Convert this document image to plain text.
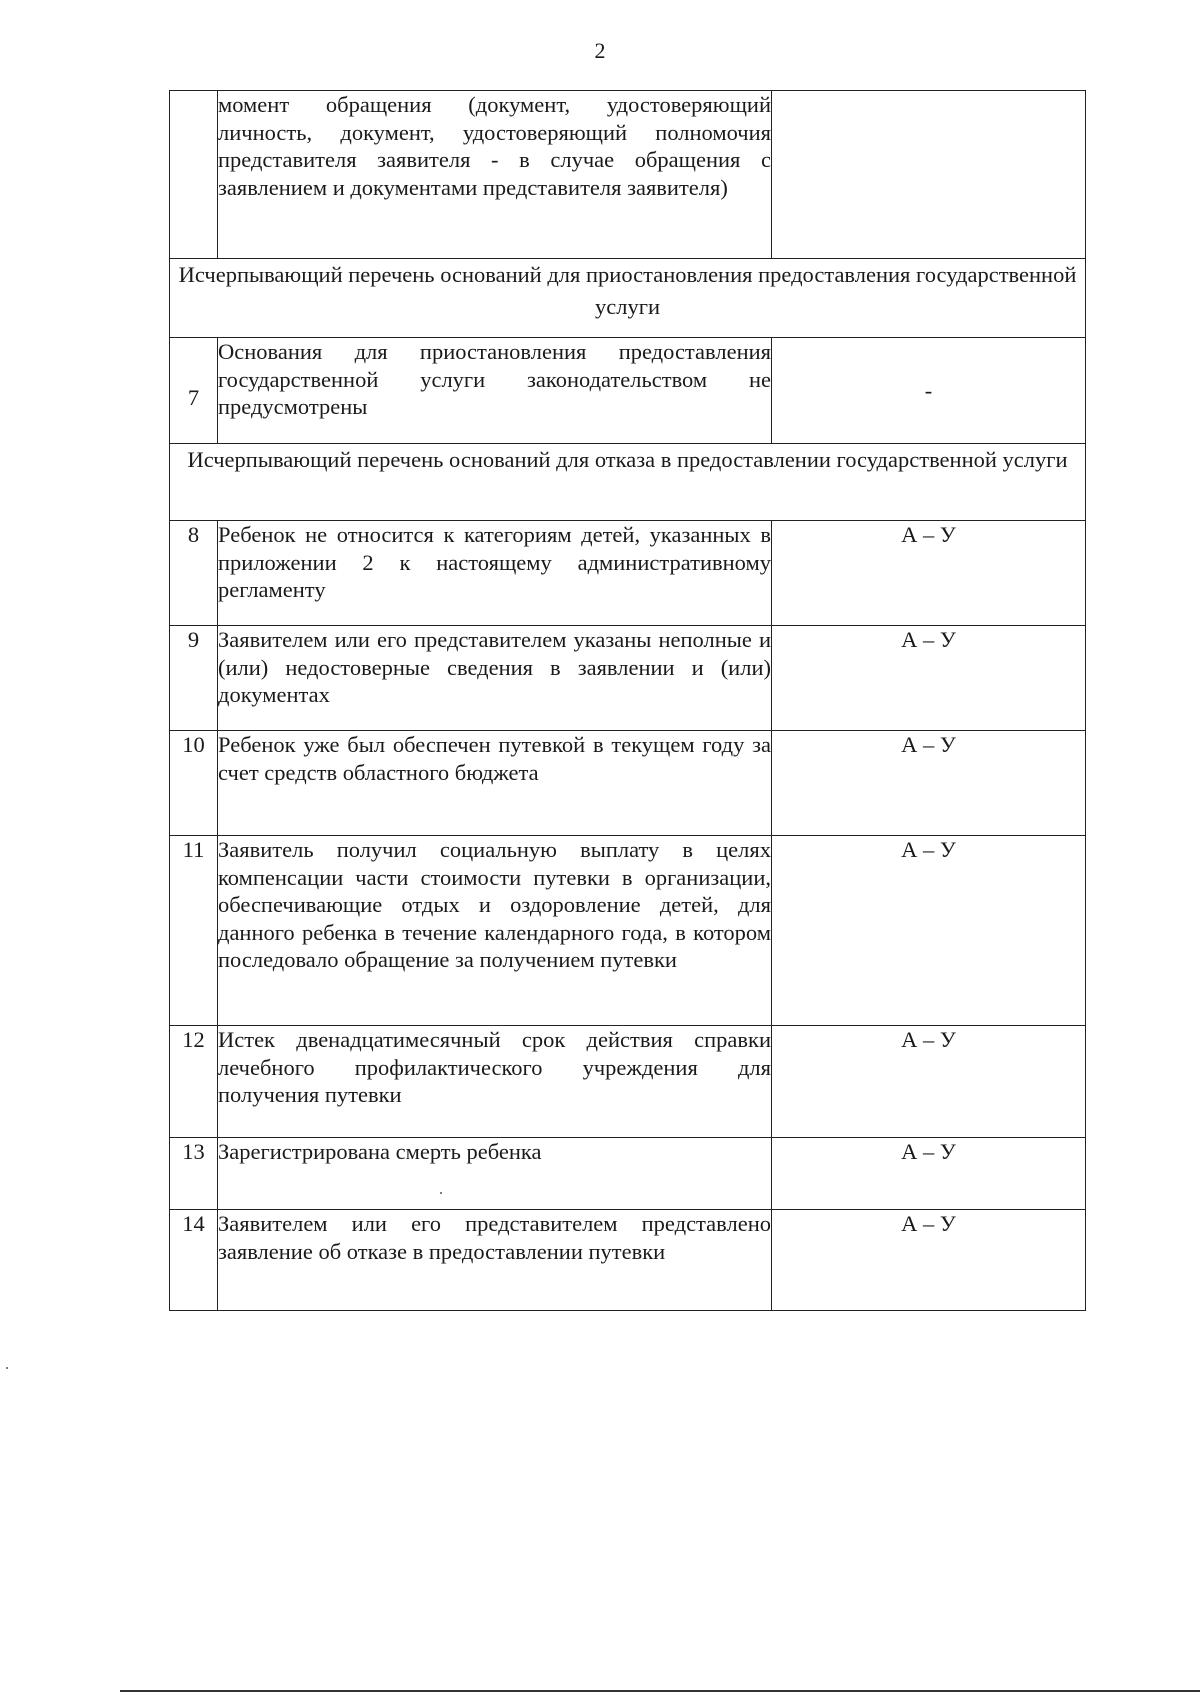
2

	момент обращения (документ, удостоверяющий личность, документ, удостоверяющий полномочия представителя заявителя - в случае обращения с заявлением и документами представителя заявителя)	

Исчерпывающий перечень оснований для приостановления предоставления государственной услуги		
7	Основания для приостановления предоставления государственной услуги законодательством не предусмотрены	-
Исчерпывающий перечень оснований для отказа в предоставлении государственной услуги		
8	Ребенок не относится к категориям детей, указанных в приложении 2 к настоящему административному регламенту	А – У
9	Заявителем или его представителем указаны неполные и (или) недостоверные сведения в заявлении и (или) документах	А – У
10	Ребенок уже был обеспечен путевкой в текущем году за счет средств областного бюджета	А – У
11	Заявитель получил социальную выплату в целях компенсации части стоимости путевки в организации, обеспечивающие отдых и оздоровление детей, для данного ребенка в течение календарного года, в котором последовало обращение за получением путевки	А – У
12	Истек двенадцатимесячный срок действия справки лечебного профилактического учреждения для получения путевки	А – У
13	Зарегистрирована смерть ребенка	А – У
14	Заявителем или его представителем представлено заявление об отказе в предоставлении путевки	А – У
